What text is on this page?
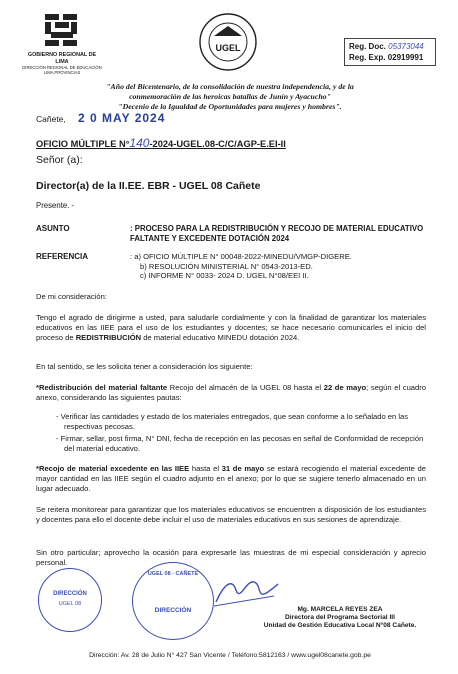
GOBIERNO REGIONAL DE LIMA
DIRECCIÓN REGIONAL DE EDUCACIÓN
LIMA PROVINCIAS
UGEL	Reg. Doc. 05373044
Reg. Exp. 02919991
"Año del Bicentenario, de la consolidación de nuestra independencia, y de la
conmemoración de las heroicas batallas de Junín y Ayacucho"
"Decenio de la Igualdad de Oportunidades para mujeres y hombres".
Cañete, 2 0 MAY 2024
OFICIO MÚLTIPLE N°140-2024-UGEL.08-C/C/AGP-E.EI-II
Señor (a):
Director(a) de la II.EE. EBR - UGEL 08 Cañete
Presente. -
ASUNTO	: PROCESO PARA LA REDISTRIBUCIÓN Y RECOJO DE MATERIAL EDUCATIVO FALTANTE Y EXCEDENTE DOTACIÓN 2024
REFERENCIA	: a) OFICIO MÚLTIPLE N° 00048-2022-MINEDU/VMGP-DIGERE.
b) RESOLUCIÓN MINISTERIAL N° 0543-2013-ED.
c) INFORME N° 0033- 2024 D. UGEL N°08/EEI II.
De mi consideración:
Tengo el agrado de dirigirme a usted, para saludarle cordialmente y con la finalidad de garantizar los materiales educativos en las IIEE para el uso de los estudiantes y docentes; se hace necesario comunicarles el inicio del proceso de REDISTRIBUCIÓN de material educativo MINEDU dotación 2024.
En tal sentido, se les solicita tener a consideración los siguiente:
*Redistribución del material faltante Recojo del almacén de la UGEL 08 hasta el 22 de mayo; según el cuadro anexo, considerando las siguientes pautas:
- Verificar las cantidades y estado de los materiales entregados, que sean conforme a lo señalado en las respectivas pecosas.
- Firmar, sellar, post firma, N° DNI, fecha de recepción en las pecosas en señal de Conformidad de recepción del material educativo.
*Recojo de material excedente en las IIEE hasta el 31 de mayo se estará recogiendo el material excedente de mayor cantidad en las IIEE según el cuadro adjunto en el anexo; por lo que se sugiere tenerlo almacenado en un lugar adecuado.
Se reitera monitorear para garantizar que los materiales educativos se encuentren a disposición de los estudiantes y docentes para ello el docente debe incluir el uso de materiales educativos en sus sesiones de aprendizaje.
Sin otro particular; aprovecho la ocasión para expresarle las muestras de mi especial consideración y aprecio personal.
DIRECCIÓN
UGEL 08
UGEL 08 - CAÑETE
DIRECCIÓN	Mg. MARCELA REYES ZEA
Directora del Programa Sectorial III
Unidad de Gestión Educativa Local N°08 Cañete.
Dirección: Av. 28 de Julio N° 427 San Vicente / Teléfono:5812163 / www.ugel08canete.gob.pe
